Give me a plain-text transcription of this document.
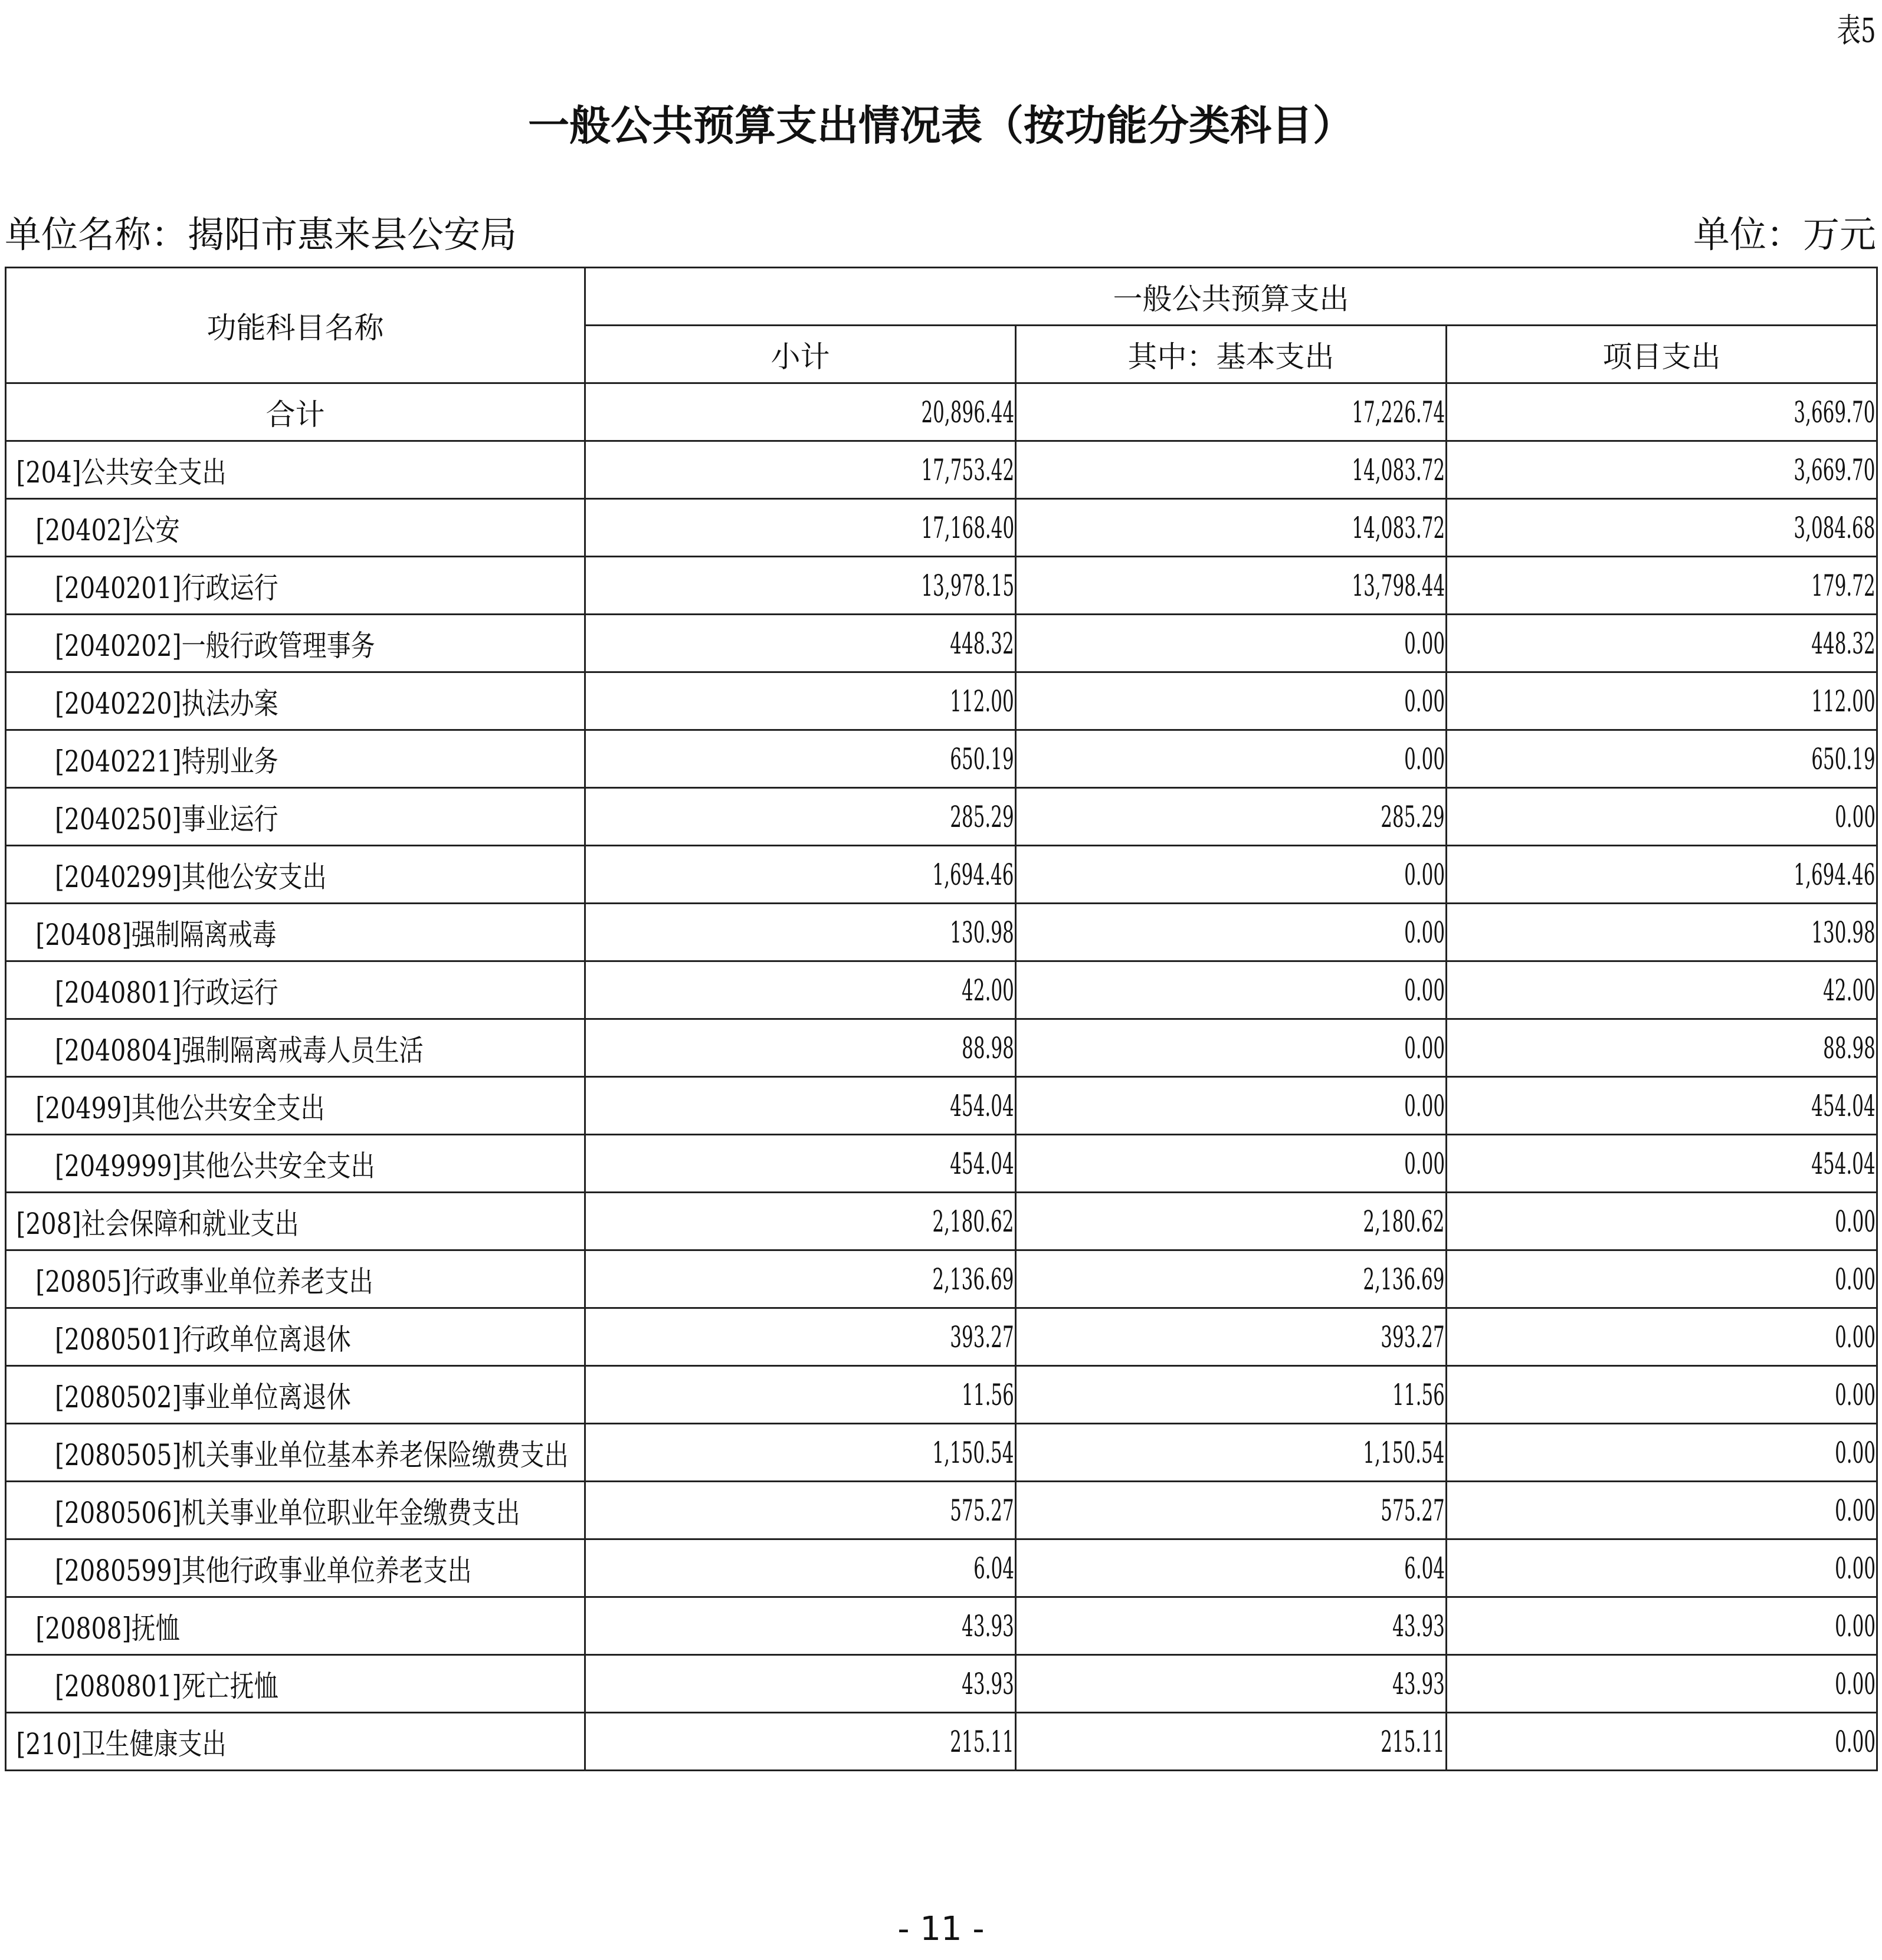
表5
一般公共预算支出情况表（按功能分类科目）
单位名称：揭阳市惠来县公安局	单位：万元
功能科目名称	一般公共预算支出		
	小计	其中：基本支出	项目支出
合计	20,896.44	17,226.74	3,669.70
[204]公共安全支出	17,753.42	14,083.72	3,669.70
[20402]公安	17,168.40	14,083.72	3,084.68
[2040201]行政运行	13,978.15	13,798.44	179.72
[2040202]一般行政管理事务	448.32	0.00	448.32
[2040220]执法办案	112.00	0.00	112.00
[2040221]特别业务	650.19	0.00	650.19
[2040250]事业运行	285.29	285.29	0.00
[2040299]其他公安支出	1,694.46	0.00	1,694.46
[20408]强制隔离戒毒	130.98	0.00	130.98
[2040801]行政运行	42.00	0.00	42.00
[2040804]强制隔离戒毒人员生活	88.98	0.00	88.98
[20499]其他公共安全支出	454.04	0.00	454.04
[2049999]其他公共安全支出	454.04	0.00	454.04
[208]社会保障和就业支出	2,180.62	2,180.62	0.00
[20805]行政事业单位养老支出	2,136.69	2,136.69	0.00
[2080501]行政单位离退休	393.27	393.27	0.00
[2080502]事业单位离退休	11.56	11.56	0.00
[2080505]机关事业单位基本养老保险缴费支出	1,150.54	1,150.54	0.00
[2080506]机关事业单位职业年金缴费支出	575.27	575.27	0.00
[2080599]其他行政事业单位养老支出	6.04	6.04	0.00
[20808]抚恤	43.93	43.93	0.00
[2080801]死亡抚恤	43.93	43.93	0.00
[210]卫生健康支出	215.11	215.11	0.00
- 11 -
